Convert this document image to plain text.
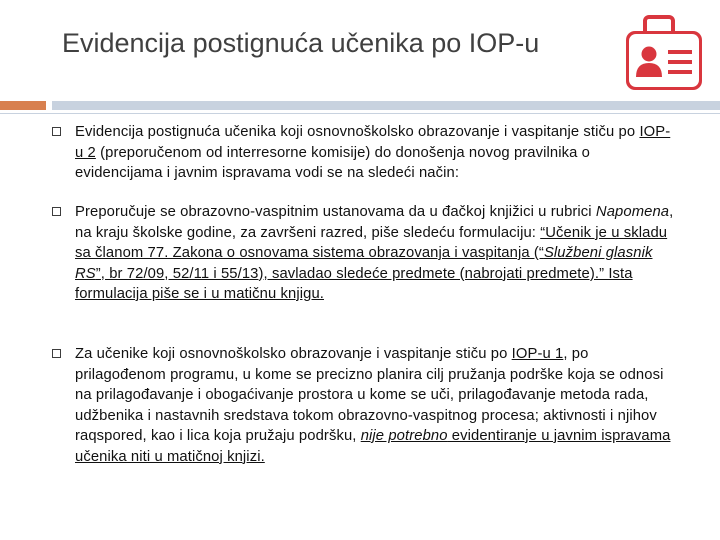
Evidencija postignuća učenika po IOP-u
Evidencija postignuća učenika koji osnovnoškolsko obrazovanje i vaspitanje stiču po IOP-u 2 (preporučenom od interresorne komisije) do donošenja novog pravilnika o evidencijama i javnim ispravama vodi se na sledeći način:
Preporučuje se obrazovno-vaspitnim ustanovama da u đačkoj knjižici u rubrici Napomena, na kraju školske godine, za završeni razred, piše sledeću formulaciju: “Učenik je u skladu sa članom 77. Zakona o osnovama sistema obrazovanja i vaspitanja (“Službeni glasnik RS”, br 72/09, 52/11 i 55/13), savladao sledeće predmete (nabrojati predmete).” Ista formulacija piše se i u matičnu knjigu.
Za učenike koji osnovnoškolsko obrazovanje i vaspitanje stiču po IOP-u 1, po prilagođenom programu, u kome se precizno planira cilj pružanja podrške koja se odnosi na prilagođavanje i obogaćivanje prostora u kome se uči, prilagođavanje metoda rada, udžbenika i nastavnih sredstava tokom obrazovno-vaspitnog procesa; aktivnosti i njihov raqspored, kao i lica koja pružaju podršku, nije potrebno evidentiranje u javnim ispravama učenika niti u matičnoj knjizi.
